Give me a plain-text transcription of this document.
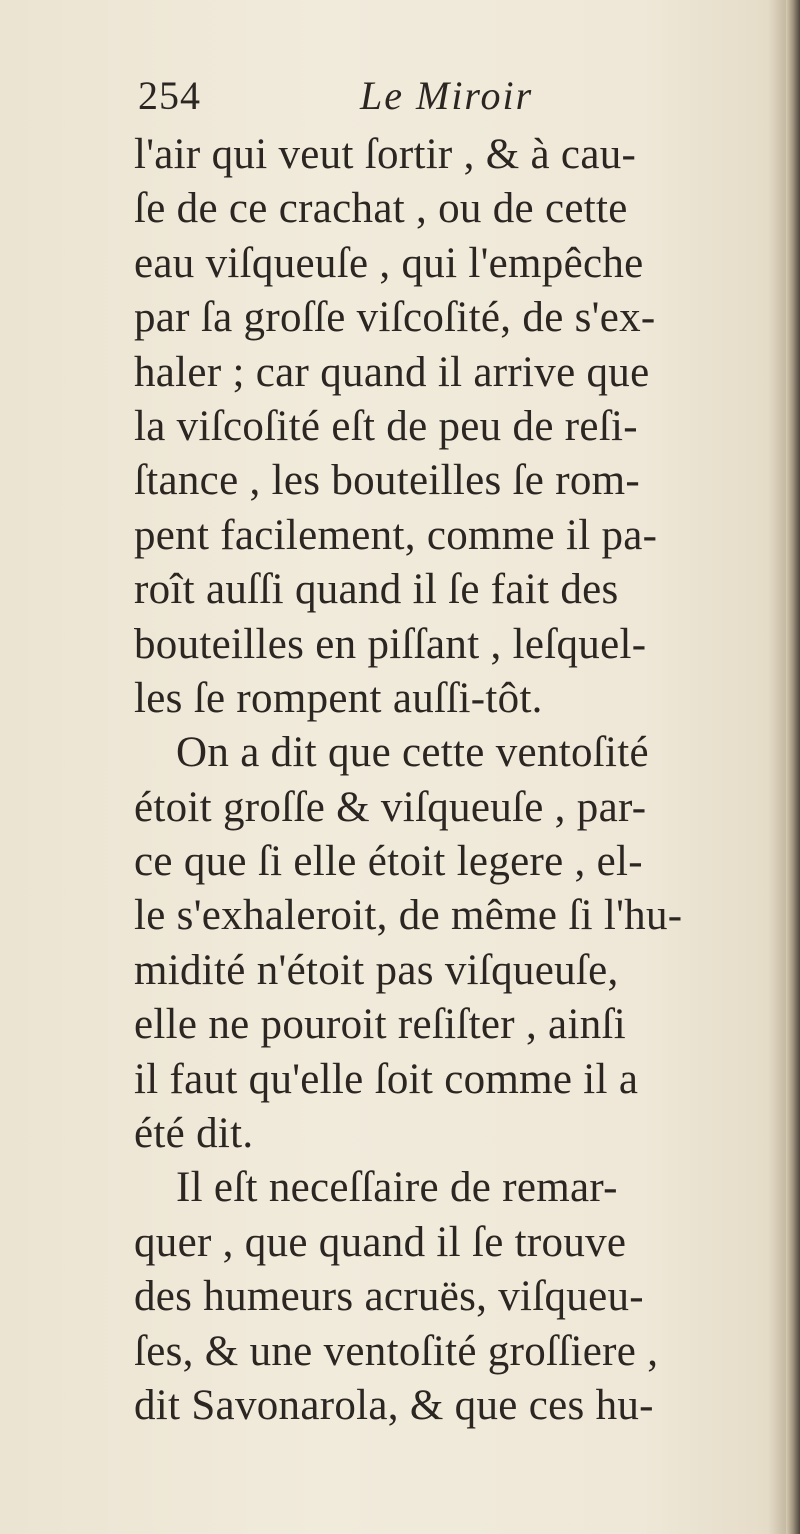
254	Le Miroir
l'air qui veut ſortir , & à cau-
ſe de ce crachat , ou de cette
eau viſqueuſe , qui l'empêche
par ſa groſſe viſcoſité, de s'ex-
haler ; car quand il arrive que
la viſcoſité eſt de peu de reſi-
ſtance , les bouteilles ſe rom-
pent facilement, comme il pa-
roît auſſi quand il ſe fait des
bouteilles en piſſant , leſquel-
les ſe rompent auſſi-tôt.
On a dit que cette ventoſité
étoit groſſe & viſqueuſe , par-
ce que ſi elle étoit legere , el-
le s'exhaleroit, de même ſi l'hu-
midité n'étoit pas viſqueuſe,
elle ne pouroit reſiſter , ainſi
il faut qu'elle ſoit comme il a
été dit.
Il eſt neceſſaire de remar-
quer , que quand il ſe trouve
des humeurs acruës, viſqueu-
ſes, & une ventoſité groſſiere ,
dit Savonarola, & que ces hu-
